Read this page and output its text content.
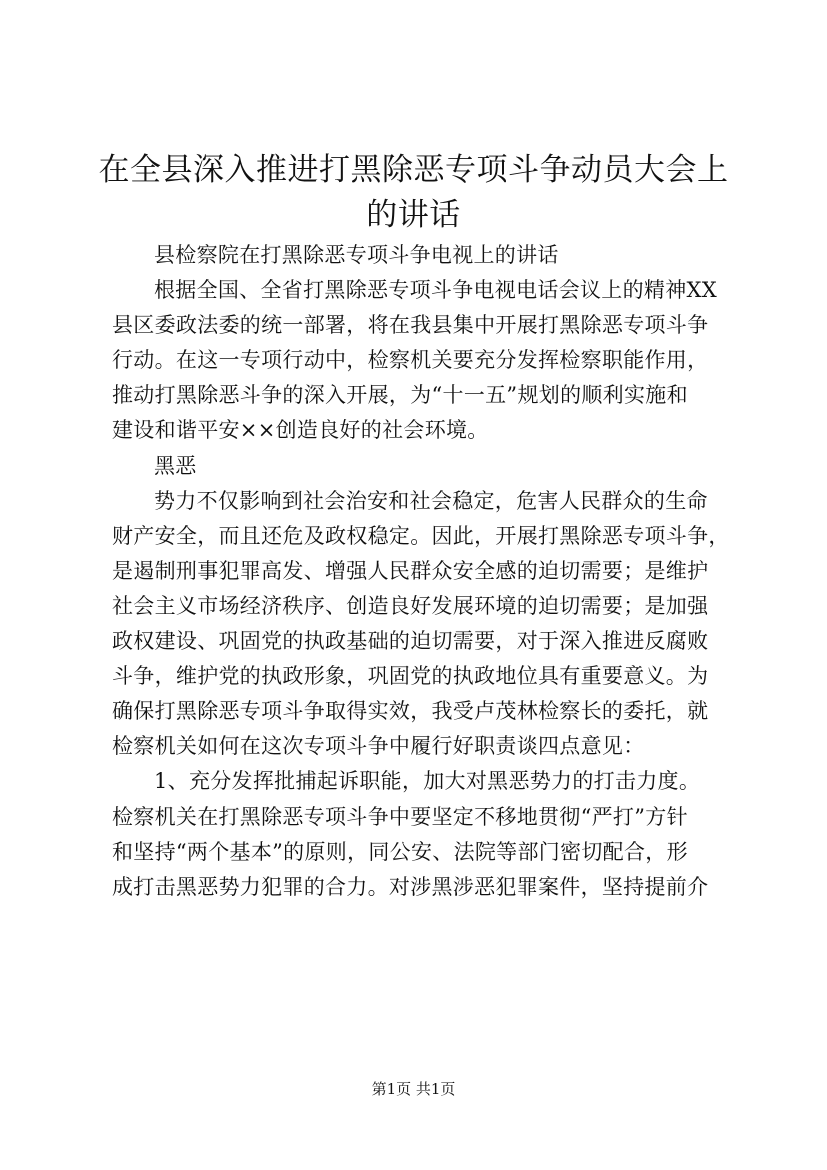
在全县深入推进打黑除恶专项斗争动员大会上
的讲话
县检察院在打黑除恶专项斗争电视上的讲话
根据全国、全省打黑除恶专项斗争电视电话会议上的精神XX
县区委政法委的统一部署，将在我县集中开展打黑除恶专项斗争
行动。在这一专项行动中，检察机关要充分发挥检察职能作用，
推动打黑除恶斗争的深入开展，为“十一五”规划的顺利实施和
建设和谐平安××创造良好的社会环境。
黑恶
势力不仅影响到社会治安和社会稳定，危害人民群众的生命
财产安全，而且还危及政权稳定。因此，开展打黑除恶专项斗争，
是遏制刑事犯罪高发、增强人民群众安全感的迫切需要；是维护
社会主义市场经济秩序、创造良好发展环境的迫切需要；是加强
政权建设、巩固党的执政基础的迫切需要，对于深入推进反腐败
斗争，维护党的执政形象，巩固党的执政地位具有重要意义。为
确保打黑除恶专项斗争取得实效，我受卢茂林检察长的委托，就
检察机关如何在这次专项斗争中履行好职责谈四点意见：
1、充分发挥批捕起诉职能，加大对黑恶势力的打击力度。
检察机关在打黑除恶专项斗争中要坚定不移地贯彻“严打”方针
和坚持“两个基本”的原则，同公安、法院等部门密切配合，形
成打击黑恶势力犯罪的合力。对涉黑涉恶犯罪案件，坚持提前介
第1页 共1页
